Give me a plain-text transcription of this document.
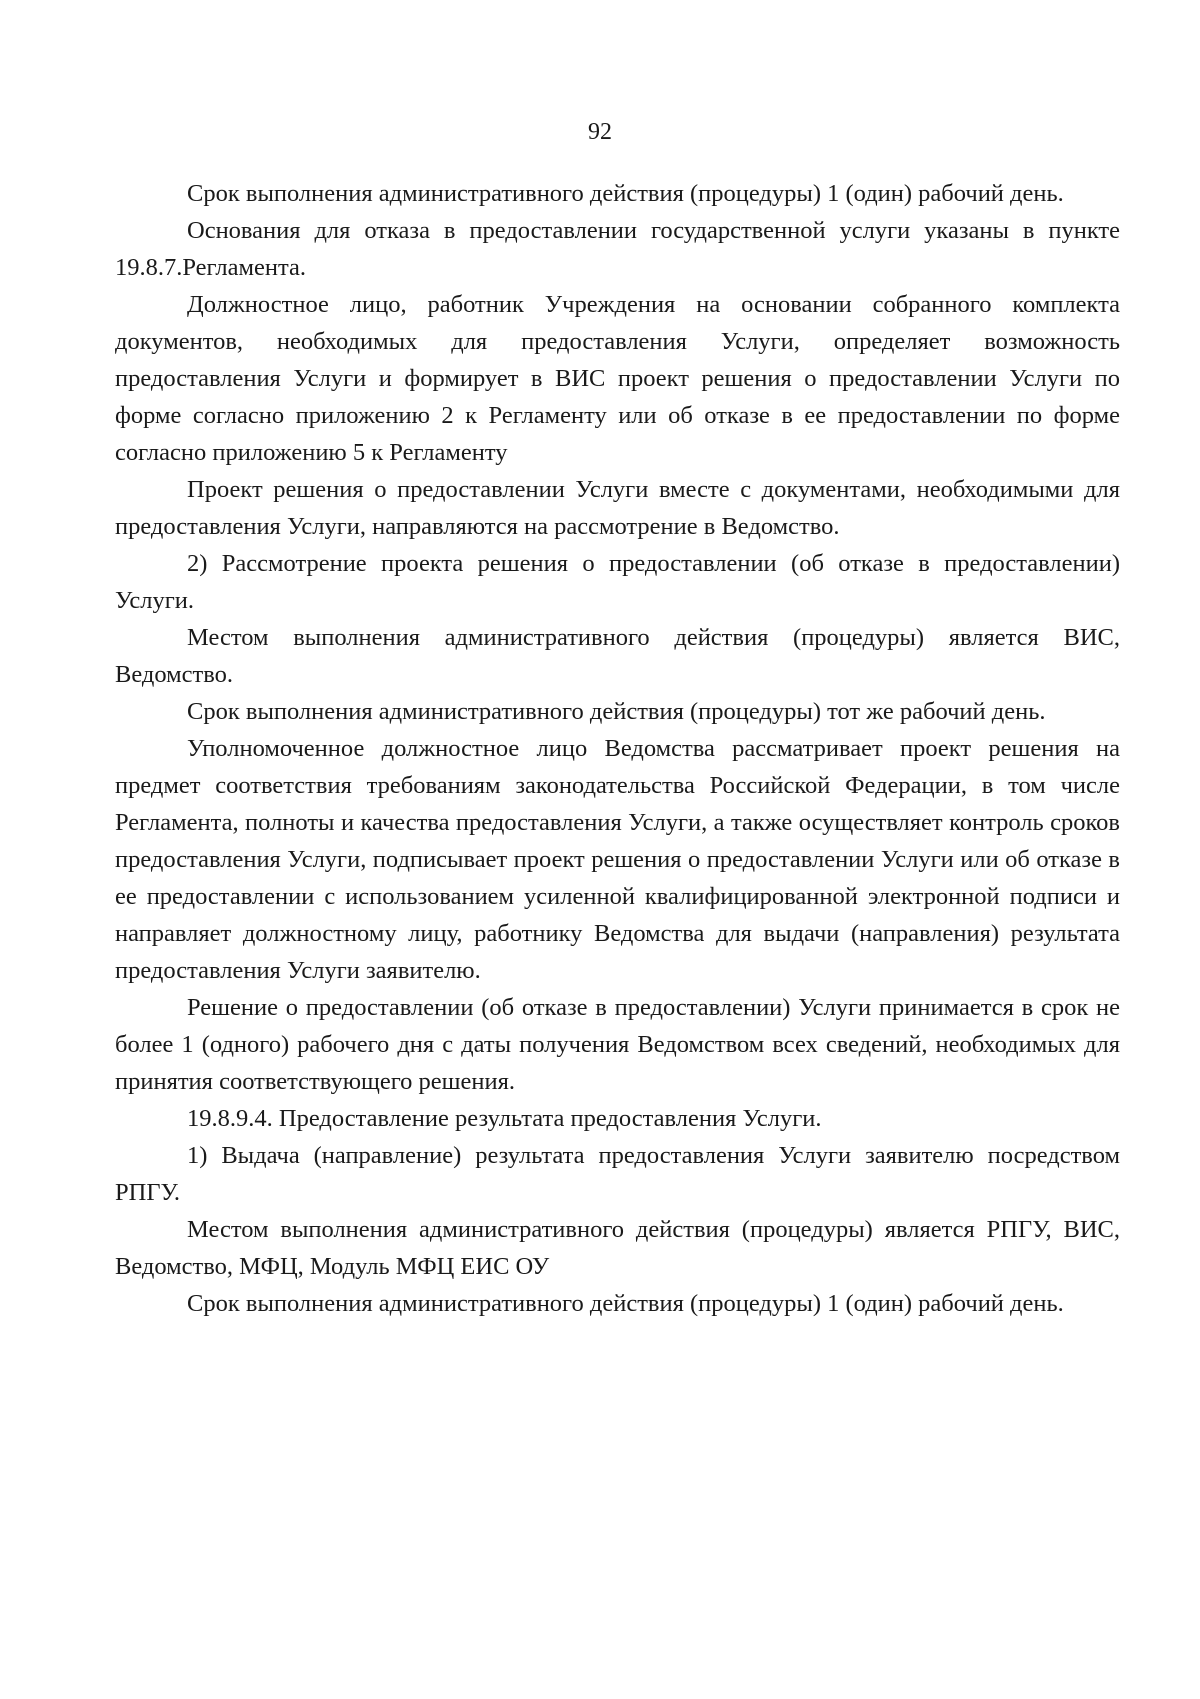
92

Срок выполнения административного действия (процедуры) 1 (один) рабочий день.

Основания для отказа в предоставлении государственной услуги указаны в пункте 19.8.7.Регламента.

Должностное лицо, работник Учреждения на основании собранного комплекта документов, необходимых для предоставления Услуги, определяет возможность предоставления Услуги и формирует в ВИС проект решения о предоставлении Услуги по форме согласно приложению 2 к Регламенту или об отказе в ее предоставлении по форме согласно приложению 5 к Регламенту

Проект решения о предоставлении Услуги вместе с документами, необходимыми для предоставления Услуги, направляются на рассмотрение в Ведомство.

2) Рассмотрение проекта решения о предоставлении (об отказе в предоставлении) Услуги.

Местом выполнения административного действия (процедуры) является ВИС, Ведомство.

Срок выполнения административного действия (процедуры) тот же рабочий день.

Уполномоченное должностное лицо Ведомства рассматривает проект решения на предмет соответствия требованиям законодательства Российской Федерации, в том числе Регламента, полноты и качества предоставления Услуги, а также осуществляет контроль сроков предоставления Услуги, подписывает проект решения о предоставлении Услуги или об отказе в ее предоставлении с использованием усиленной квалифицированной электронной подписи и направляет должностному лицу, работнику Ведомства для выдачи (направления) результата предоставления Услуги заявителю.

Решение о предоставлении (об отказе в предоставлении) Услуги принимается в срок не более 1 (одного) рабочего дня с даты получения Ведомством всех сведений, необходимых для принятия соответствующего решения.

19.8.9.4. Предоставление результата предоставления Услуги.

1) Выдача (направление) результата предоставления Услуги заявителю посредством РПГУ.

Местом выполнения административного действия (процедуры) является РПГУ, ВИС, Ведомство, МФЦ, Модуль МФЦ ЕИС ОУ

Срок выполнения административного действия (процедуры) 1 (один) рабочий день.
